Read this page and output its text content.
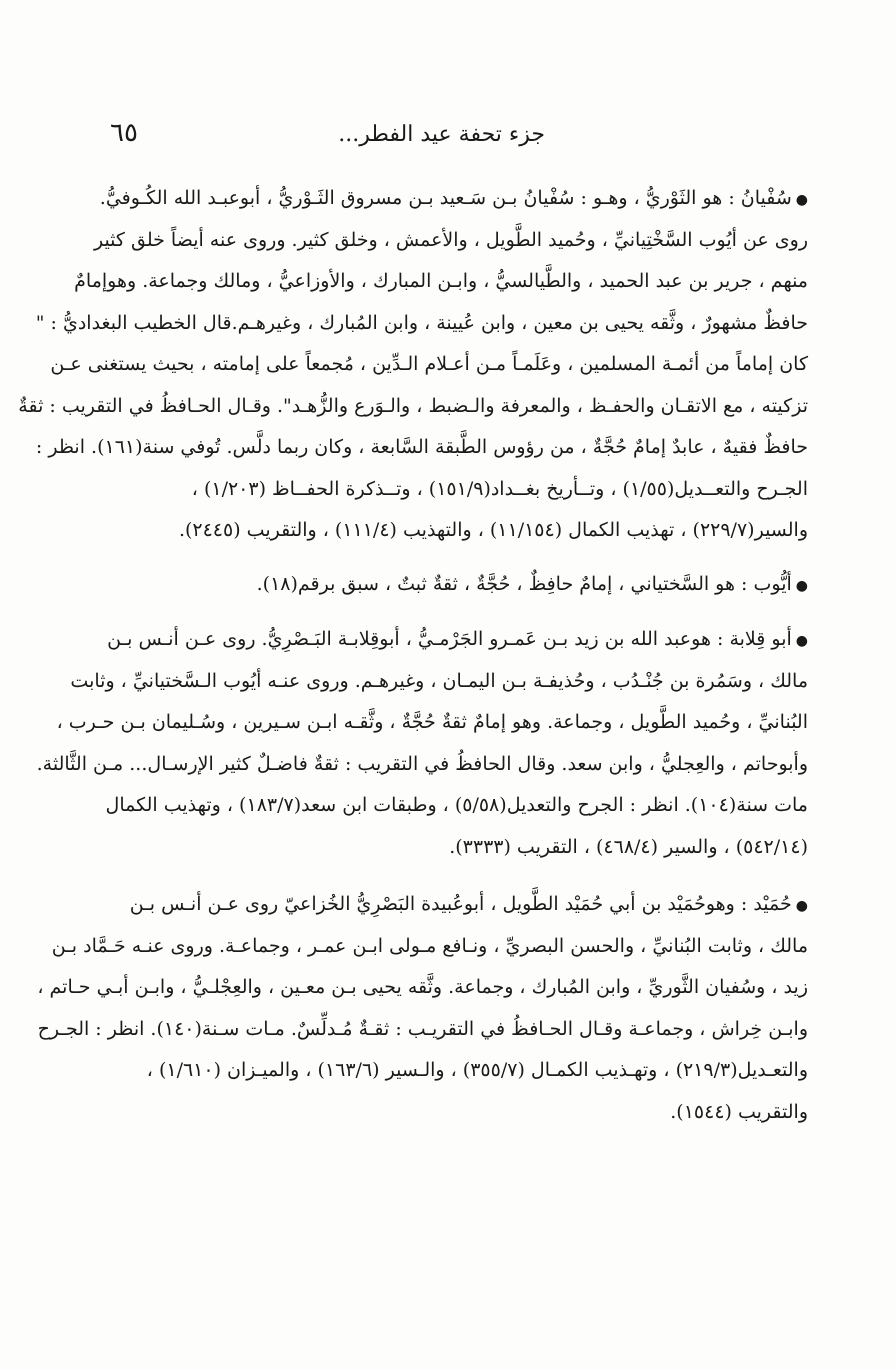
جزء تحفة عيد الفطر...
٦٥
●سُفْيانُ : هو الثَوْريُّ ، وهـو : سُفْيانُ بـن سَـعيد بـن مسروق الثَـوْريُّ ، أبوعبـد الله الكُـوفيُّ.
روى عن أيُوب السَّخْتِيانيِّ ، وحُميد الطَّويل ، والأعمش ، وخلق كثير. وروى عنه أيضاً خلق كثير
منهم ، جرير بن عبد الحميد ، والطَّيالسيُّ ، وابـن المبارك ، والأوزاعيُّ ، ومالك وجماعة. وهوإمامٌ
حافظٌ مشهورٌ ، وثَّقه يحيى بن معين ، وابن عُيينة ، وابن المُبارك ، وغيرهـم.قال الخطيب البغداديُّ : "
كان إماماً من أئمـة المسلمين ، وعَلَمـاً مـن أعـلام الـدِّين ، مُجمعاً على إمامته ، بحيث يستغنى عـن
تزكيته ، مع الاتقـان والحفـظ ، والمعرفة والـضبط ، والـوَرع والزُّهـد". وقـال الحـافظُ في التقريب : ثقةٌ
حافظٌ فقيهٌ ، عابدٌ إمامٌ حُجَّةٌ ، من رؤوس الطَّبقة السَّابعة ، وكان ربما دلَّس. تُوفي سنة(١٦١). انظر :
الجـرح والتعــديل(١/٥٥) ، وتــأريخ بغــداد(١٥١/٩) ، وتــذكرة الحفــاظ (١/٢٠٣) ،
والسير(٢٢٩/٧) ، تهذيب الكمال (١١/١٥٤) ، والتهذيب (١١١/٤) ، والتقريب (٢٤٤٥).
●أيُّوب : هو السَّختياني ، إمامٌ حافِظٌ ، حُجَّةٌ ، ثقةٌ ثبتٌ ، سبق برقم(١٨).
●أبو قِلابة : هوعبد الله بن زيد بـن عَمـرو الجَرْمـيُّ ، أبوقِلابـة البَـصْرِيُّ. روى عـن أنـس بـن
مالك ، وسَمُرة بن جُنْـدُب ، وحُذيفـة بـن اليمـان ، وغيرهـم. وروى عنـه أيُوب الـسَّختيانيِّ ، وثابت
البُنانيِّ ، وحُميد الطَّويل ، وجماعة. وهو إمامٌ ثقةٌ حُجَّةٌ ، وثَّقـه ابـن سـيرين ، وسُـليمان بـن حـرب ،
وأبوحاتم ، والعِجليُّ ، وابن سعد. وقال الحافظُ في التقريب : ثقةٌ فاضـلٌ كثير الإرسـال... مـن الثَّالثة.
مات سنة(١٠٤). انظر : الجرح والتعديل(٥/٥٨) ، وطبقات ابن سعد(١٨٣/٧) ، وتهذيب الكمال
(٥٤٢/١٤) ، والسير (٤٦٨/٤) ، التقريب (٣٣٣٣).
●حُمَيْد : وهوحُمَيْد بن أبي حُمَيْد الطَّويل ، أبوعُبيدة البَصْرِيُّ الخُزاعيّ روى عـن أنـس بـن
مالك ، وثابت البُنانيِّ ، والحسن البصريِّ ، ونـافع مـولى ابـن عمـر ، وجماعـة. وروى عنـه حَـمَّاد بـن
زيد ، وسُفيان الثَّوريِّ ، وابن المُبارك ، وجماعة. وثَّقه يحيى بـن معـين ، والعِجْلـيُّ ، وابـن أبـي حـاتم ،
وابـن خِراش ، وجماعـة وقـال الحـافظُ في التقريـب : ثقـةٌ مُـدلِّسٌ. مـات سـنة(١٤٠). انظر : الجـرح
والتعـديل(٢١٩/٣) ، وتهـذيب الكمـال (٣٥٥/٧) ، والـسير (١٦٣/٦) ، والميـزان (١/٦١٠) ،
والتقريب (١٥٤٤).
